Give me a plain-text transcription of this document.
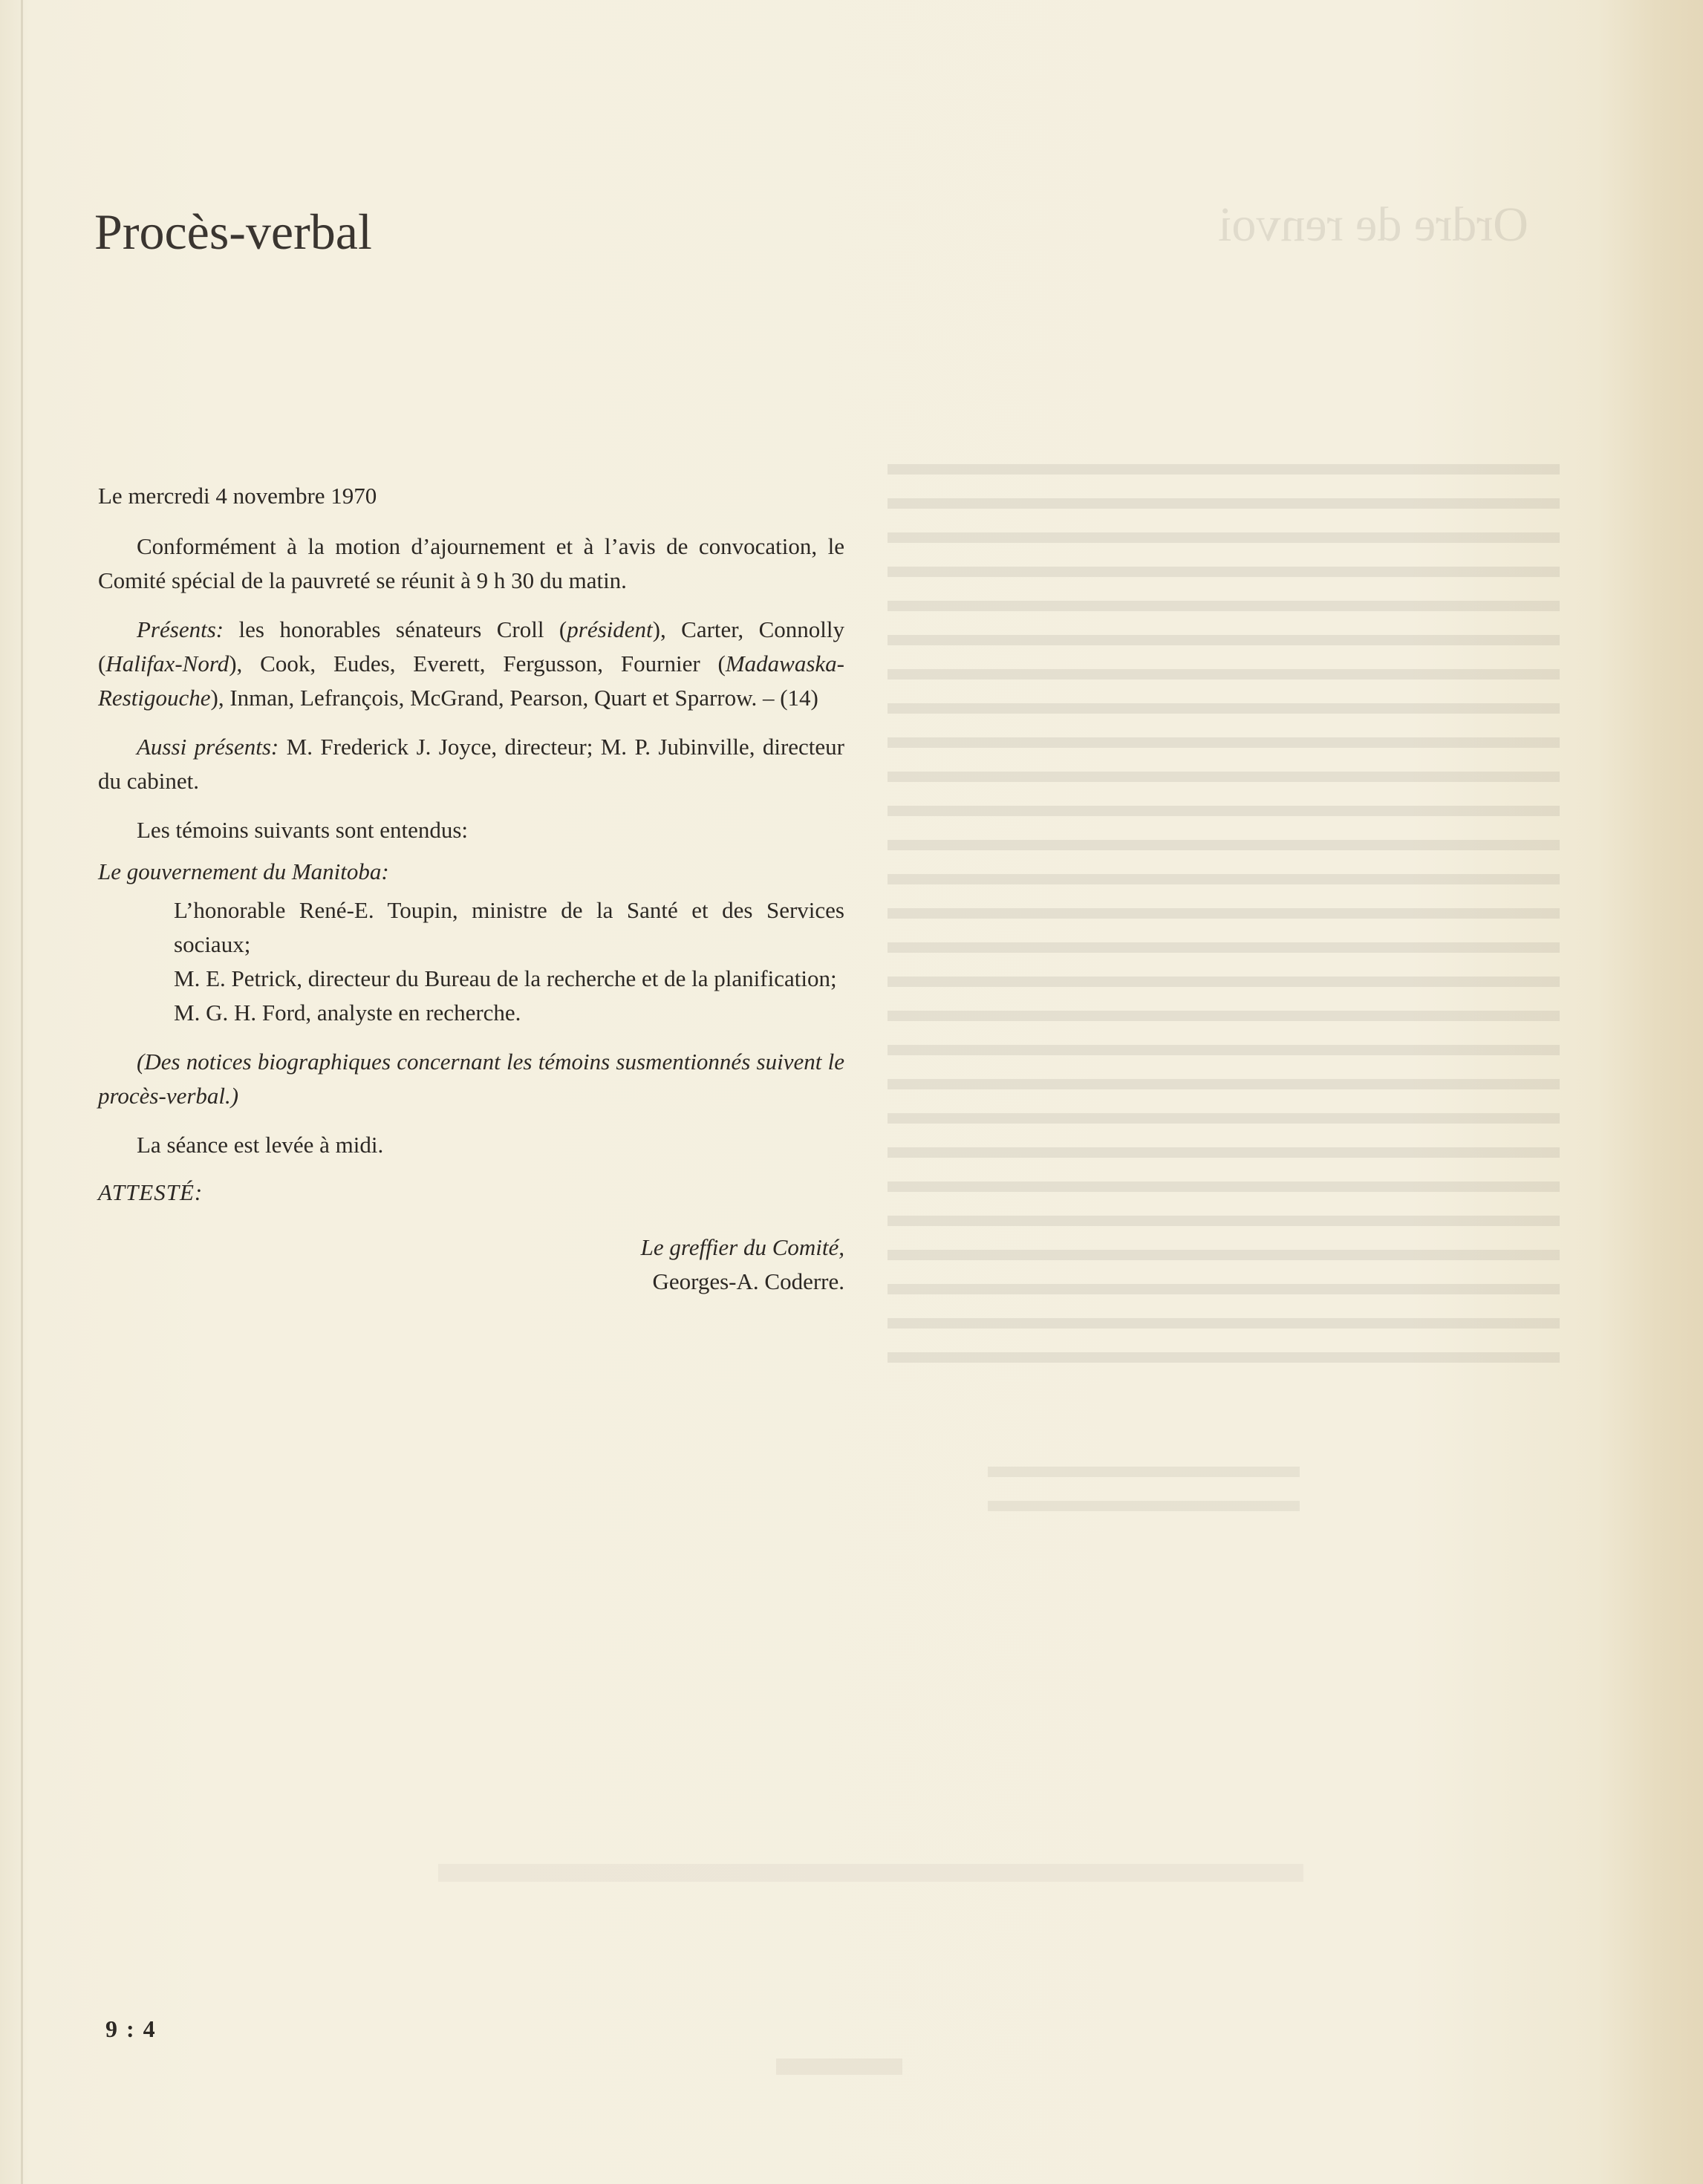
Ordre de renvoi
Procès-verbal

Le mercredi 4 novembre 1970

Conformément à la motion d’ajournement et à l’avis de convocation, le Comité spécial de la pauvreté se réunit à 9 h 30 du matin.

Présents: les honorables sénateurs Croll (président), Carter, Connolly (Halifax-Nord), Cook, Eudes, Everett, Fergusson, Fournier (Madawaska-Restigouche), Inman, Lefrançois, McGrand, Pearson, Quart et Sparrow. – (14)

Aussi présents: M. Frederick J. Joyce, directeur; M. P. Jubinville, directeur du cabinet.

Les témoins suivants sont entendus:

Le gouvernement du Manitoba:

L’honorable René-E. Toupin, ministre de la Santé et des Services sociaux;

M. E. Petrick, directeur du Bureau de la recherche et de la planification;

M. G. H. Ford, analyste en recherche.

(Des notices biographiques concernant les témoins susmentionnés suivent le procès-verbal.)

La séance est levée à midi.

ATTESTÉ:

Le greffier du Comité,

Georges-A. Coderre.

9 : 4
